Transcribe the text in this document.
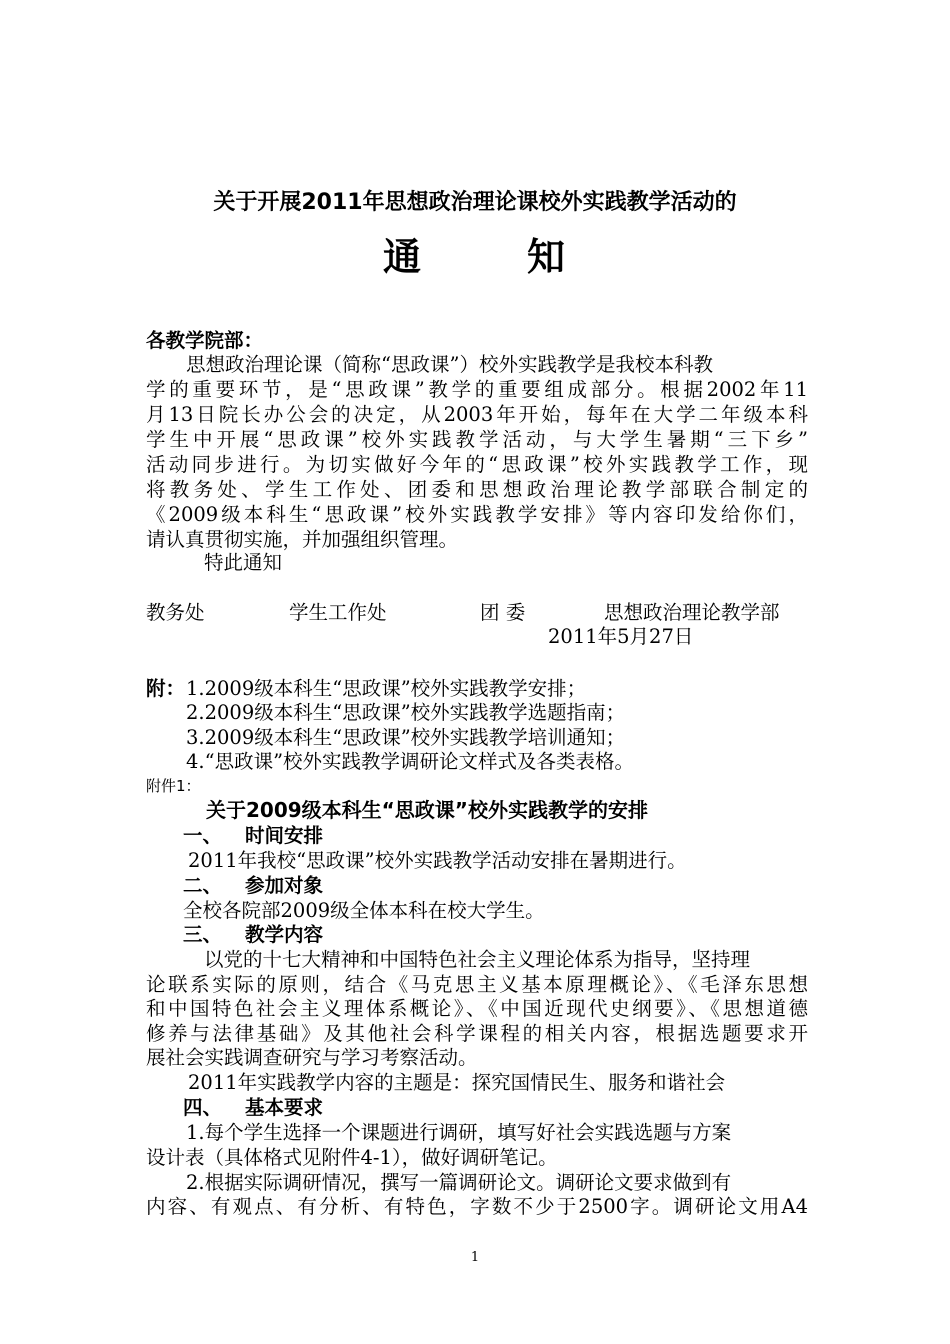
关于开展2011年思想政治理论课校外实践教学活动的
通	知
各教学院部：
思想政治理论课（简称“思政课”）校外实践教学是我校本科教
学的重要环节，是“思政课”教学的重要组成部分。根据2002年11
月13日院长办公会的决定，从2003年开始，每年在大学二年级本科
学生中开展“思政课”校外实践教学活动，与大学生暑期“三下乡”
活动同步进行。为切实做好今年的“思政课”校外实践教学工作，现
将教务处、学生工作处、团委和思想政治理论教学部联合制定的
《2009级本科生“思政课”校外实践教学安排》等内容印发给你们，
请认真贯彻实施，并加强组织管理。
特此通知
教务处	学生工作处	团 委	思想政治理论教学部
2011年5月27日
附： 1.2009级本科生“思政课”校外实践教学安排；
2.2009级本科生“思政课”校外实践教学选题指南；
3.2009级本科生“思政课”校外实践教学培训通知；
4.“思政课”校外实践教学调研论文样式及各类表格。
附件1：
关于2009级本科生“思政课”校外实践教学的安排
一、 时间安排
2011年我校“思政课”校外实践教学活动安排在暑期进行。
二、 参加对象
全校各院部2009级全体本科在校大学生。
三、 教学内容
以党的十七大精神和中国特色社会主义理论体系为指导，坚持理
论联系实际的原则，结合《马克思主义基本原理概论》、《毛泽东思想
和中国特色社会主义理体系概论》、《中国近现代史纲要》、《思想道德
修养与法律基础》及其他社会科学课程的相关内容，根据选题要求开
展社会实践调查研究与学习考察活动。
2011年实践教学内容的主题是：探究国情民生、服务和谐社会
四、 基本要求
1.每个学生选择一个课题进行调研，填写好社会实践选题与方案
设计表（具体格式见附件4-1），做好调研笔记。
2.根据实际调研情况，撰写一篇调研论文。调研论文要求做到有
内容、有观点、有分析、有特色，字数不少于2500字。调研论文用A4
1
